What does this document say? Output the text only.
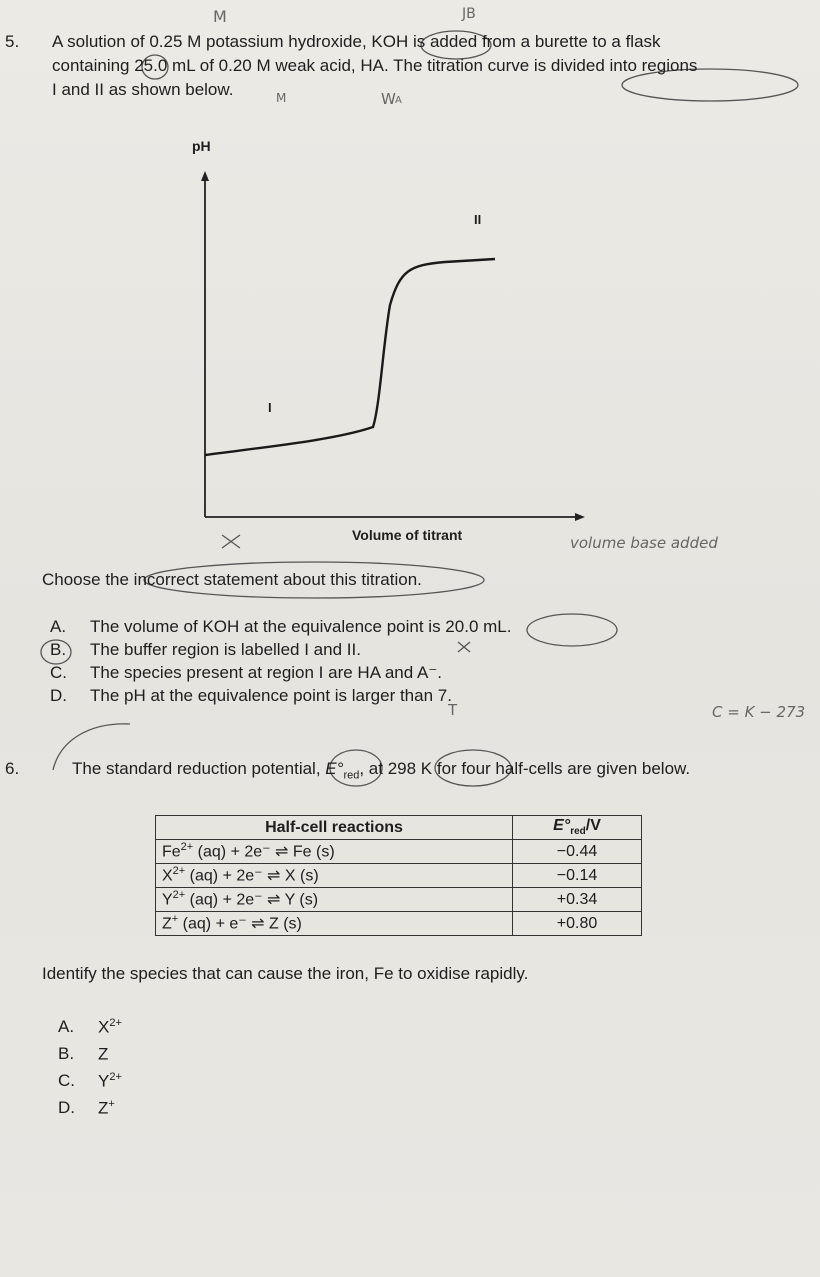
M	JB
W A
M
volume base added
C = K − 273
T
5. A solution of 0.25 M potassium hydroxide, KOH is added from a burette to a flask
containing 25.0 mL of 0.20 M weak acid, HA. The titration curve is divided into regions
I and II as shown below.
pH
I
II
Volume of titrant
Choose the incorrect statement about this titration.
A. The volume of KOH at the equivalence point is 20.0 mL.
B. The buffer region is labelled I and II.
C. The species present at region I are HA and A⁻.
D. The pH at the equivalence point is larger than 7.
6.	The standard reduction potential, $E^\circ_{red}$, at 298 K for four half-cells are given below.
Half-cell reactions	$E^\circ_{red}/V$
$Fe^{2+}$ (aq) + 2e⁻ ⇌ Fe (s)	−0.44
$X^{2+}$ (aq) + 2e⁻ ⇌ X (s)	−0.14
$Y^{2+}$ (aq) + 2e⁻ ⇌ Y (s)	+0.34
Z+ (aq) + e⁻ ⇌ Z (s)	+0.80
Identify the species that can cause the iron, Fe to oxidise rapidly.
A. $X^{2+}$
B. Z
C. $Y^{2+}$
D. Z+
